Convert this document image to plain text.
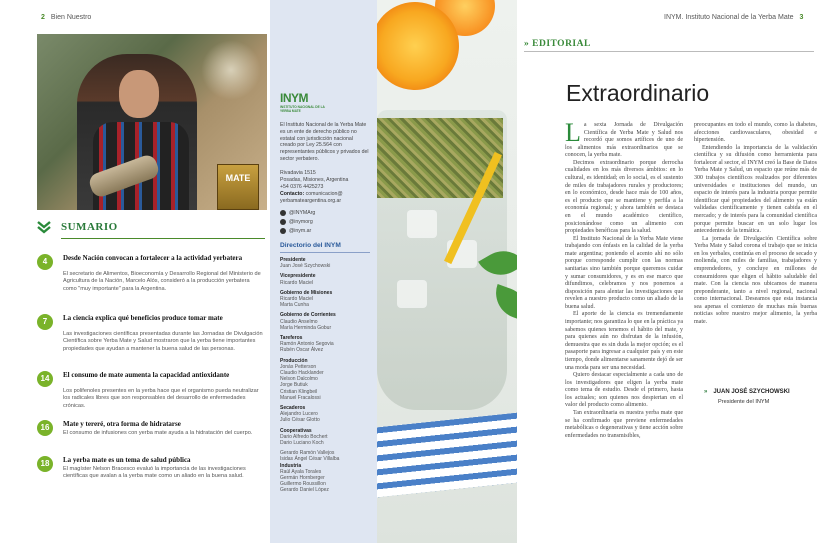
2 Bien Nuestro
MATE
SUMARIO
4	Desde Nación convocan a fortalecer a la actividad yerbatera
El secretario de Alimentos, Bioeconomía y Desarrollo Regional del Ministerio de Agricultura de la Nación, Marcelo Alós, consideró a la producción yerbatera como "muy importante" para la Argentina.
7	La ciencia explica qué beneficios produce tomar mate
Las investigaciones científicas presentadas durante las Jornadas de Divulgación Científica sobre Yerba Mate y Salud mostraron que la yerba tiene importantes propiedades que ayudan a mantener la buena salud de las personas.
14	El consumo de mate aumenta la capacidad antioxidante
Los polifenoles presentes en la yerba hace que el organismo pueda neutralizar los radicales libres que son responsables del desarrollo de enfermedades crónicas.
16	Mate y tereré, otra forma de hidratarse
El consumo de infusiones con yerba mate ayuda a la hidratación del cuerpo.
18	La yerba mate es un tema de salud pública
El magíster Nelson Bracesco evaluó la importancia de las investigaciones científicas que avalan a la yerba mate como un aliado en la buena salud.
INYM
INSTITUTO NACIONAL DE LA YERBA MATE
El Instituto Nacional de la Yerba Mate es un ente de derecho público no estatal con jurisdicción nacional creado por Ley 25.564 con representantes públicos y privados del sector yerbatero.
Rivadavia 1515
Posadas, Misiones, Argentina
+54 0376 4425273
Contacto: comunicacion@
yerbamateargentina.org.ar
@INYMArg
@inymorg
@inym.ar
Directorio del INYM
Presidente
Juan José Szychowski
Vicepresidente
Ricardo Maciel
Gobierno de Misiones
Ricardo Maciel
Marta Cunha
Gobierno de Corrientes
Claudio Anselmo
María Herminda Gobur
Tareferos
Ramón Antonio Segovia
Rubén Oscar Álvez
Producción
Jonás Petterson
Claudio Hacklander
Nelson Dalcolmo
Jorge Butiuk
Cristian Klingbeil
Manuel Fracalossi
Secaderos
Alejandro Lucero
Julio César Glotto
Cooperativas
Dario Alfredo Bochert
Dario Luciano Koch
Gerardo Ramón Vallejos
Isidas Ángel César Villalba
Industria
Raúl Ayala Torales
Germán Hornberger
Guillermo Roussillon
Gerardo Daniel López
INYM. Instituto Nacional de la Yerba Mate 3
» EDITORIAL
Extraordinario
L a sexta Jornada de Divulgación Científica de Yerba Mate y Salud nos recordó que somos artífices de uno de los alimentos más extraordinarios que se conocen, la yerba mate.

Decimos extraordinario porque derrocha cualidades en los más diversos ámbitos: en lo cultural, es identidad; en lo social, es el sustento de miles de trabajadores rurales y productores; en lo económico, desde hace más de 100 años, es el producto que se mantiene y perfila a la economía regional; y ahora también se destaca en el mundo académico científico, posicionándose como un alimento con propiedades benéficas para la salud.

El Instituto Nacional de la Yerba Mate viene trabajando con énfasis en la calidad de la yerba mate argentina; poniendo el acento ahí no sólo porque corresponde cumplir con las normas sanitarias sino también porque queremos cuidar y sumar consumidores, y es en ese marco que difundimos, celebramos y nos ponemos a disposición para alentar las investigaciones que revelen a nuestro producto como un aliado de la buena salud.

El aporte de la ciencia es tremendamente importante; nos garantiza lo que en la práctica ya sabemos quienes tenemos el hábito del mate, y para quienes aún no disfrutan de la infusión, demuestra que es sin duda la mejor opción; es el pasaporte para ingresar a cualquier país y en este tiempo, donde alimentarse sanamente dejó de ser una moda para ser una necesidad.

Quiero destacar especialmente a cada uno de los investigadores que eligen la yerba mate como tema de estudio. Desde el primero, hasta los actuales; son quienes nos despiertan en el valor del producto como alimento.

Tan extraordinaria es nuestra yerba mate que se ha confirmado que previene enfermedades metabólicas o degenerativas y tiene acción sobre enfermedades no transmisibles,

preocupantes en todo el mundo, como la diabetes, afecciones cardiovasculares, obesidad e hipertensión.

Entendiendo la importancia de la validación científica y su difusión como herramienta para fortalecer al sector, el INYM creó la Base de Datos Yerba Mate y Salud, un espacio que reúne más de 300 trabajos científicos realizados por diferentes universidades e instituciones del mundo, un espacio de interés para la industria porque permite identificar qué propiedades del alimento ya están validadas científicamente y tienen cabida en el mercado; y de interés para la comunidad científica porque permite buscar en un solo lugar los antecedentes de la temática.

La jornada de Divulgación Científica sobre Yerba Mate y Salud corona el trabajo que se inicia en los yerbales, continúa en el proceso de secado y molienda, con miles de familias, trabajadores y emprendedores, y concluye en millones de consumidores que eligen el hábito saludable del mate. Con la ciencia nos ubicamos de manera preponderante, tanto a nivel regional, nacional como internacional. Deseamos que esta instancia sea apenas el comienzo de muchas más buenas noticias sobre nuestro mejor alimento, la yerba mate.

» JUAN JOSÉ SZYCHOWSKI
Presidente del INYM
